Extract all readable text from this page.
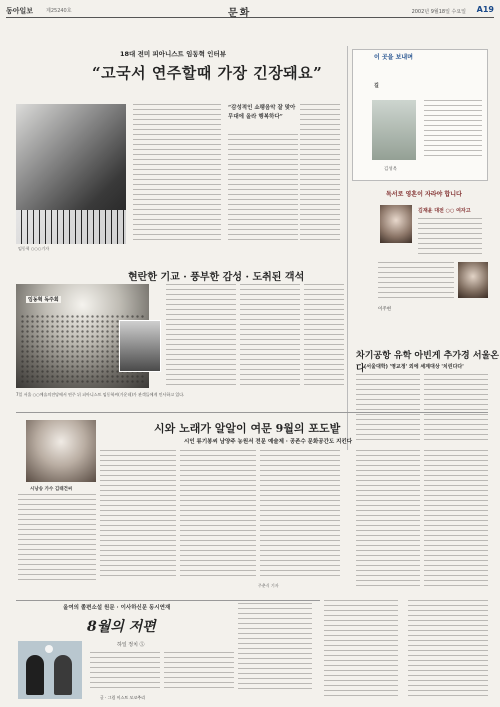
동아일보	제25240호	문화	2002년 9월18일 수요일 A19
18대 전미 피아니스트 임동혁 인터뷰
“고국서 연주할때 가장 긴장돼요”
임동혁 ○○○기자
“감성적인 쇼팽음악 잘 맞아 무대에 올라 행복하다”
현란한 기교 · 풍부한 감성 · 도취된 객석
임동혁 독주회
7일 서울 ○○예술의전당에서 연주 뒤 피아니스트 임동혁씨(가운데)가 관객들에게 인사하고 있다.
이 곳을 보내며
길
김성옥
독서로 영혼이 자라야 합니다
김재윤 대전 ○○ 여자고
이주현
차기공항 유학 아빈게 추가경 서울온다 (서울대학) '영교정' 외에 세계대상 '치린다다'
시와 노래가 알알이 여문 9월의 포도밭
시인 류기봉씨 남양주 농원서 전문 예술제 · 공존수 문화공간도 지킨다
시낭송 가수 김태건씨
주춘식 기자
올여의 졸편소설 원문 · 이사하신문 동시연재
8월의 저편
하일 정치 ⑤
글 · 그림 이스트 모코추리
